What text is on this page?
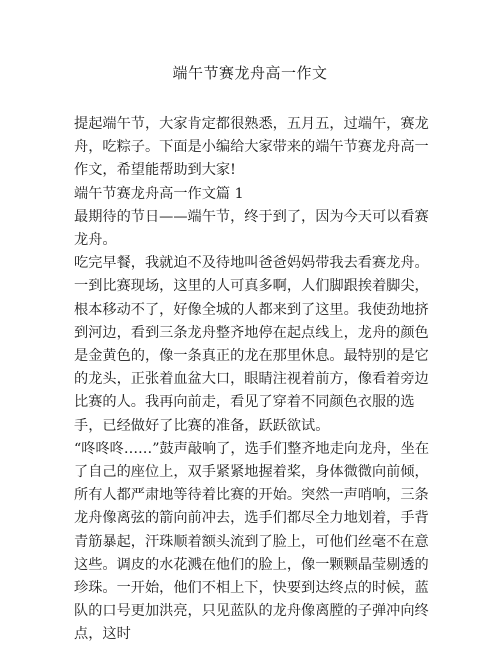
端午节赛龙舟高一作文

提起端午节，大家肯定都很熟悉，五月五，过端午，赛龙舟，吃粽子。下面是小编给大家带来的端午节赛龙舟高一作文，希望能帮助到大家!

端午节赛龙舟高一作文篇 1

最期待的节日——端午节，终于到了，因为今天可以看赛龙舟。

吃完早餐，我就迫不及待地叫爸爸妈妈带我去看赛龙舟。一到比赛现场，这里的人可真多啊，人们脚跟挨着脚尖，根本移动不了，好像全城的人都来到了这里。我使劲地挤到河边，看到三条龙舟整齐地停在起点线上，龙舟的颜色是金黄色的，像一条真正的龙在那里休息。最特别的是它的龙头，正张着血盆大口，眼睛注视着前方，像看着旁边比赛的人。我再向前走，看见了穿着不同颜色衣服的选手，已经做好了比赛的准备，跃跃欲试。

“咚咚咚……”鼓声敲响了，选手们整齐地走向龙舟，坐在了自己的座位上，双手紧紧地握着桨，身体微微向前倾，所有人都严肃地等待着比赛的开始。突然一声哨响，三条龙舟像离弦的箭向前冲去，选手们都尽全力地划着，手背青筋暴起，汗珠顺着额头流到了脸上，可他们丝毫不在意这些。调皮的水花溅在他们的脸上，像一颗颗晶莹剔透的珍珠。一开始，他们不相上下，快要到达终点的时候，蓝队的口号更加洪亮，只见蓝队的龙舟像离膛的子弹冲向终点，这时
